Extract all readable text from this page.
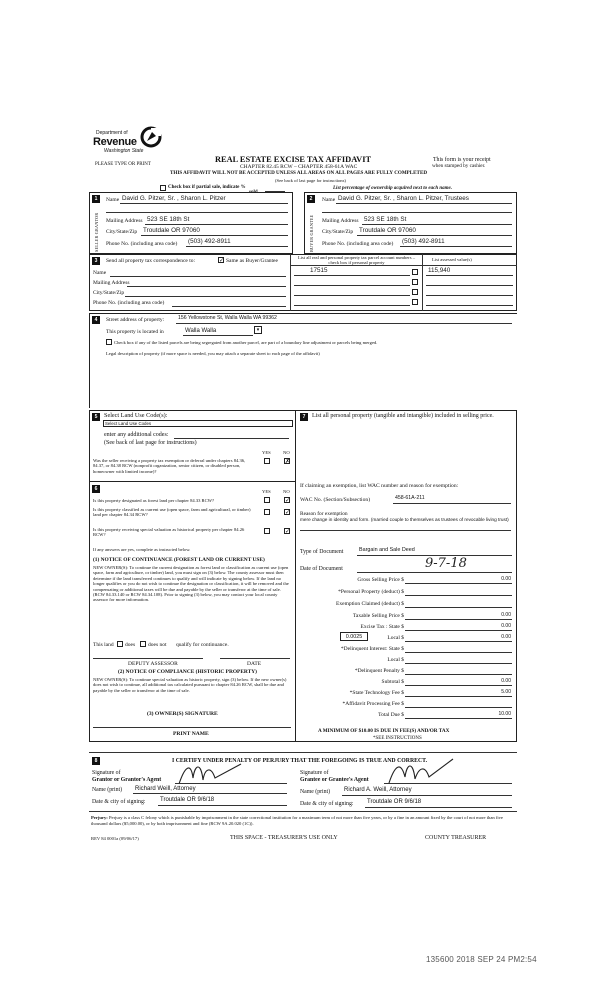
Department of
Revenue
Washington State
PLEASE TYPE OR PRINT
REAL ESTATE EXCISE TAX AFFIDAVIT
CHAPTER 82.45 RCW – CHAPTER 458-61A WAC
This form is your receipt
when stamped by cashier.
THIS AFFIDAVIT WILL NOT BE ACCEPTED UNLESS ALL AREAS ON ALL PAGES ARE FULLY COMPLETED
(See back of last page for instructions)
Check box if partial sale, indicate %
sold.
List percentage of ownership acquired next to each name.
1
SELLER GRANTOR
Name David G. Pitzer, Sr. , Sharon L. Pitzer
Mailing Address 523 SE 18th St
City/State/Zip Troutdale OR 97060
Phone No. (including area code) (503) 492-8911
2
BUYER GRANTEE
Name David G. Pitzer, Sr. , Sharon L. Pitzer, Trustees
Mailing Address 523 SE 18th St
City/State/Zip Troutdale OR 97060
Phone No. (including area code) (503) 492-8911
3	Send all property tax correspondence to:	✓ Same as Buyer/Grantee
Name
Mailing Address
City/State/Zip
Phone No. (including area code)
List all real and personal property tax parcel account numbers – check box if personal property
List assessed value(s)
17515	115,940
4	Street address of property:	156 Yellowstone St, Walla Walla WA 99362
This property is located in	Walla Walla	▾
Check box if any of the listed parcels are being segregated from another parcel, are part of a boundary line adjustment or parcels being merged.
Legal description of property (if more space is needed, you may attach a separate sheet to each page of the affidavit)
5	Select Land Use Code(s):
Select Land Use Codes
enter any additional codes:
(See back of last page for instructions)
YES	NO
Was the seller receiving a property tax exemption or deferral under chapters 84.36, 84.37, or 84.38 RCW (nonprofit organization, senior citizen, or disabled person, homeowner with limited income)?
✗
6	YES	NO
Is this property designated as forest land per chapter 84.33 RCW?	✓
Is this property classified as current use (open space, farm and agricultural, or timber) land per chapter 84.34 RCW?	✓
Is this property receiving special valuation as historical property per chapter 84.26 RCW?	✓
If any answers are yes, complete as instructed below.
(1) NOTICE OF CONTINUANCE (FOREST LAND OR CURRENT USE)
NEW OWNER(S): To continue the current designation as forest land or classification as current use (open space, farm and agriculture, or timber) land, you must sign on (3) below. The county assessor must then determine if the land transferred continues to qualify and will indicate by signing below. If the land no longer qualifies or you do not wish to continue the designation or classification, it will be removed and the compensating or additional taxes will be due and payable by the seller or transferor at the time of sale. (RCW 84.33.140 or RCW 84.34.108). Prior to signing (3) below, you may contact your local county assessor for more information.
This land does does not qualify for continuance.
DEPUTY ASSESSOR	DATE
(2) NOTICE OF COMPLIANCE (HISTORIC PROPERTY)
NEW OWNER(S): To continue special valuation as historic property, sign (3) below. If the new owner(s) does not wish to continue, all additional tax calculated pursuant to chapter 84.26 RCW, shall be due and payable by the seller or transferor at the time of sale.
(3) OWNER(S) SIGNATURE
PRINT NAME
7	List all personal property (tangible and intangible) included in selling price.
If claiming an exemption, list WAC number and reason for exemption:
WAC No. (Section/Subsection)	458-61A-211
Reason for exemption
mere change in identity and form. (married couple to themselves as trustees of revocable living trust)
Type of Document	Bargain and Sale Deed
Date of Document	9-7-18
Gross Selling Price $	0.00
*Personal Property (deduct) $
Exemption Claimed (deduct) $
Taxable Selling Price $	0.00
Excise Tax : State $	0.00
0.0025	Local $	0.00
*Delinquent Interest: State $
Local $
*Delinquent Penalty $
Subtotal $	0.00
*State Technology Fee $	5.00
*Affidavit Processing Fee $
Total Due $	10.00
A MINIMUM OF $10.00 IS DUE IN FEE(S) AND/OR TAX
*SEE INSTRUCTIONS
8	I CERTIFY UNDER PENALTY OF PERJURY THAT THE FOREGOING IS TRUE AND CORRECT.
Signature of
Grantor or Grantor's Agent
Name (print) Richard Weill, Attorney
Date & city of signing: Troutdale OR 9/6/18
Signature of
Grantee or Grantee's Agent
Name (print) Richard A. Weill, Attorney
Date & city of signing: Troutdale OR 9/6/18
Perjury: Perjury is a class C felony which is punishable by imprisonment in the state correctional institution for a maximum term of not more than five years, or by a fine in an amount fixed by the court of not more than five thousand dollars ($5,000.00), or by both imprisonment and fine (RCW 9A.20.020 (1C)).
REV 84 0001a (09/06/17)	THIS SPACE - TREASURER'S USE ONLY	COUNTY TREASURER
135600 2018 SEP 24 PM2:54
